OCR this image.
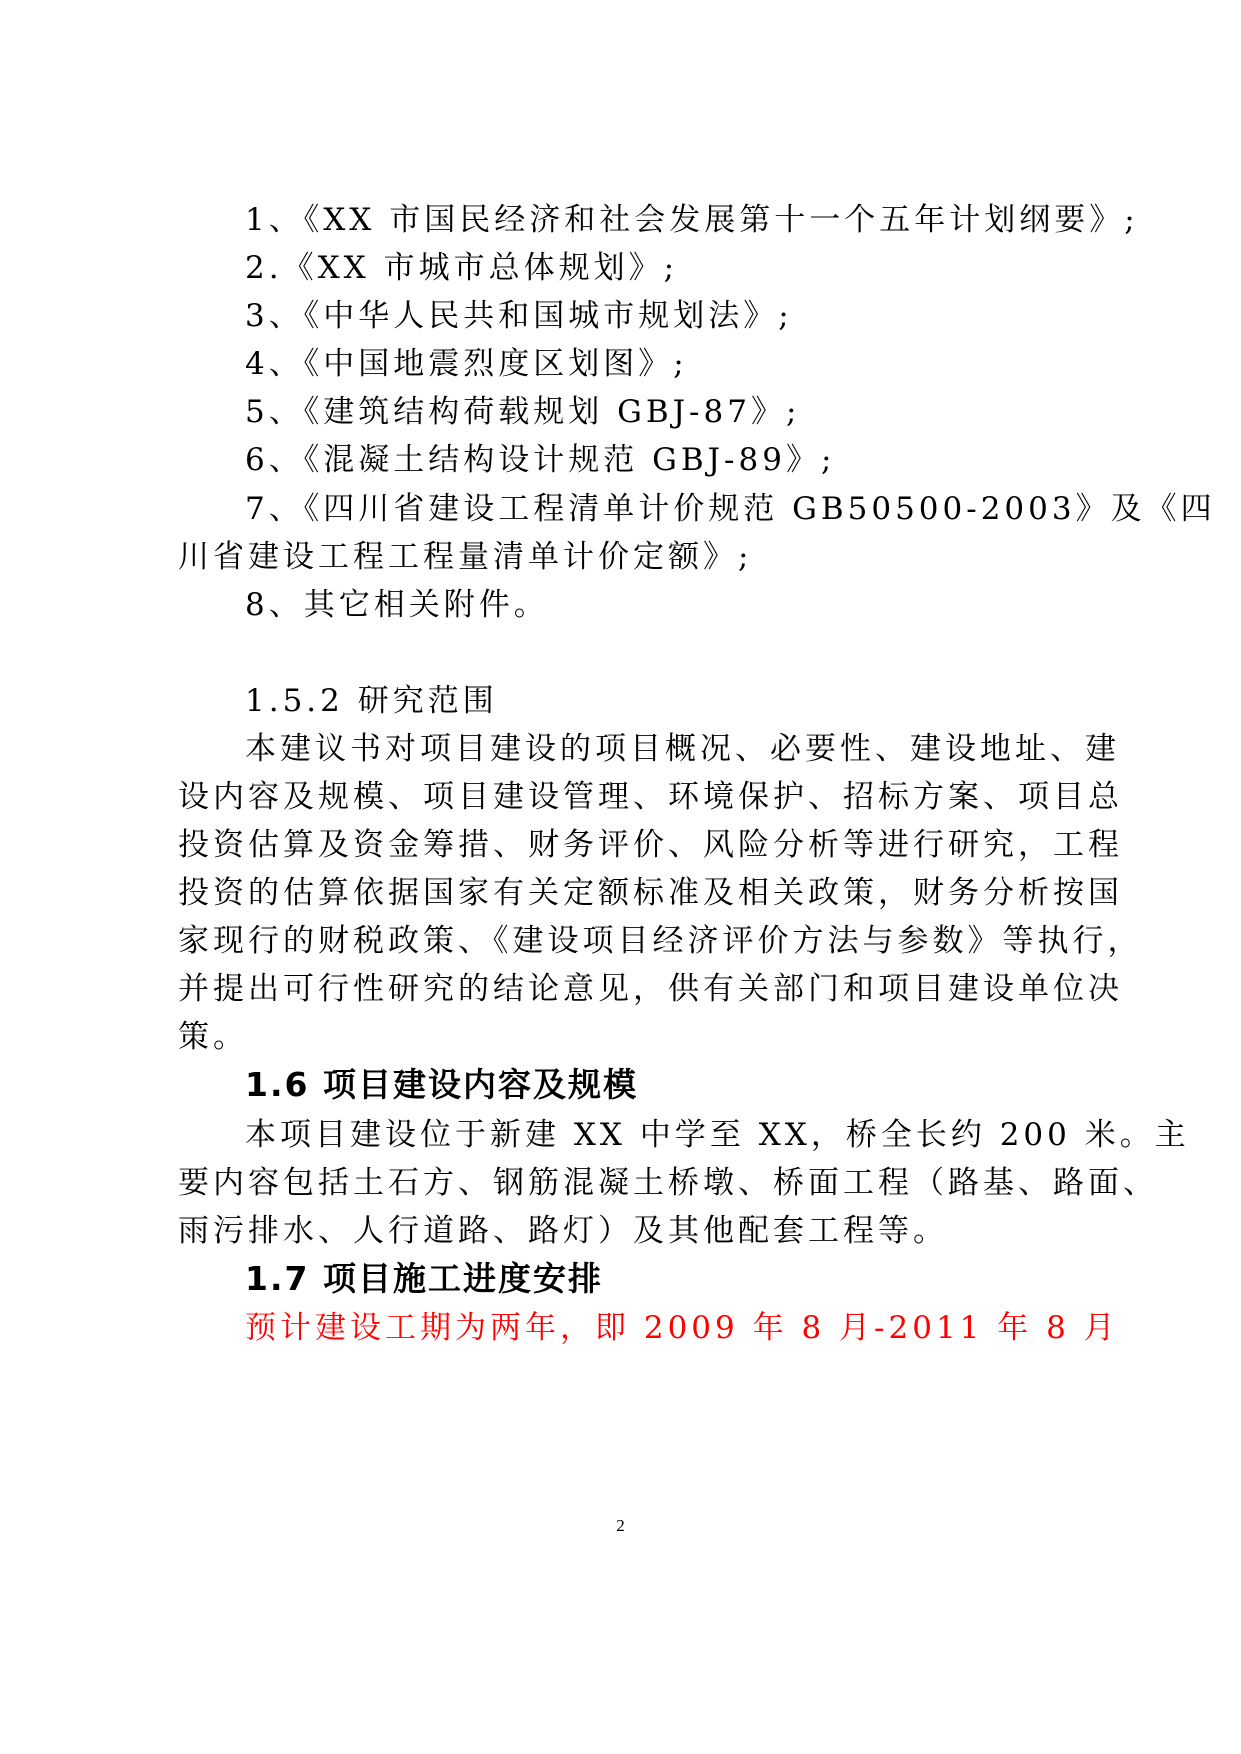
1、《XX 市国民经济和社会发展第十一个五年计划纲要》;
2.《XX 市城市总体规划》;
3、《中华人民共和国城市规划法》;
4、《中国地震烈度区划图》;
5、《建筑结构荷载规划 GBJ-87》;
6、《混凝土结构设计规范 GBJ-89》;
7、《四川省建设工程清单计价规范 GB50500-2003》及《四
川省建设工程工程量清单计价定额》;
8、其它相关附件。
1.5.2 研究范围
本建议书对项目建设的项目概况、必要性、建设地址、建
设内容及规模、项目建设管理、环境保护、招标方案、项目总
投资估算及资金筹措、财务评价、风险分析等进行研究，工程
投资的估算依据国家有关定额标准及相关政策，财务分析按国
家现行的财税政策、《建设项目经济评价方法与参数》等执行，
并提出可行性研究的结论意见，供有关部门和项目建设单位决
策。
1.6 项目建设内容及规模
本项目建设位于新建 XX 中学至 XX，桥全长约 200 米。主
要内容包括土石方、钢筋混凝土桥墩、桥面工程（路基、路面、
雨污排水、人行道路、路灯）及其他配套工程等。
1.7 项目施工进度安排
预计建设工期为两年，即 2009 年 8 月-2011 年 8 月
2
